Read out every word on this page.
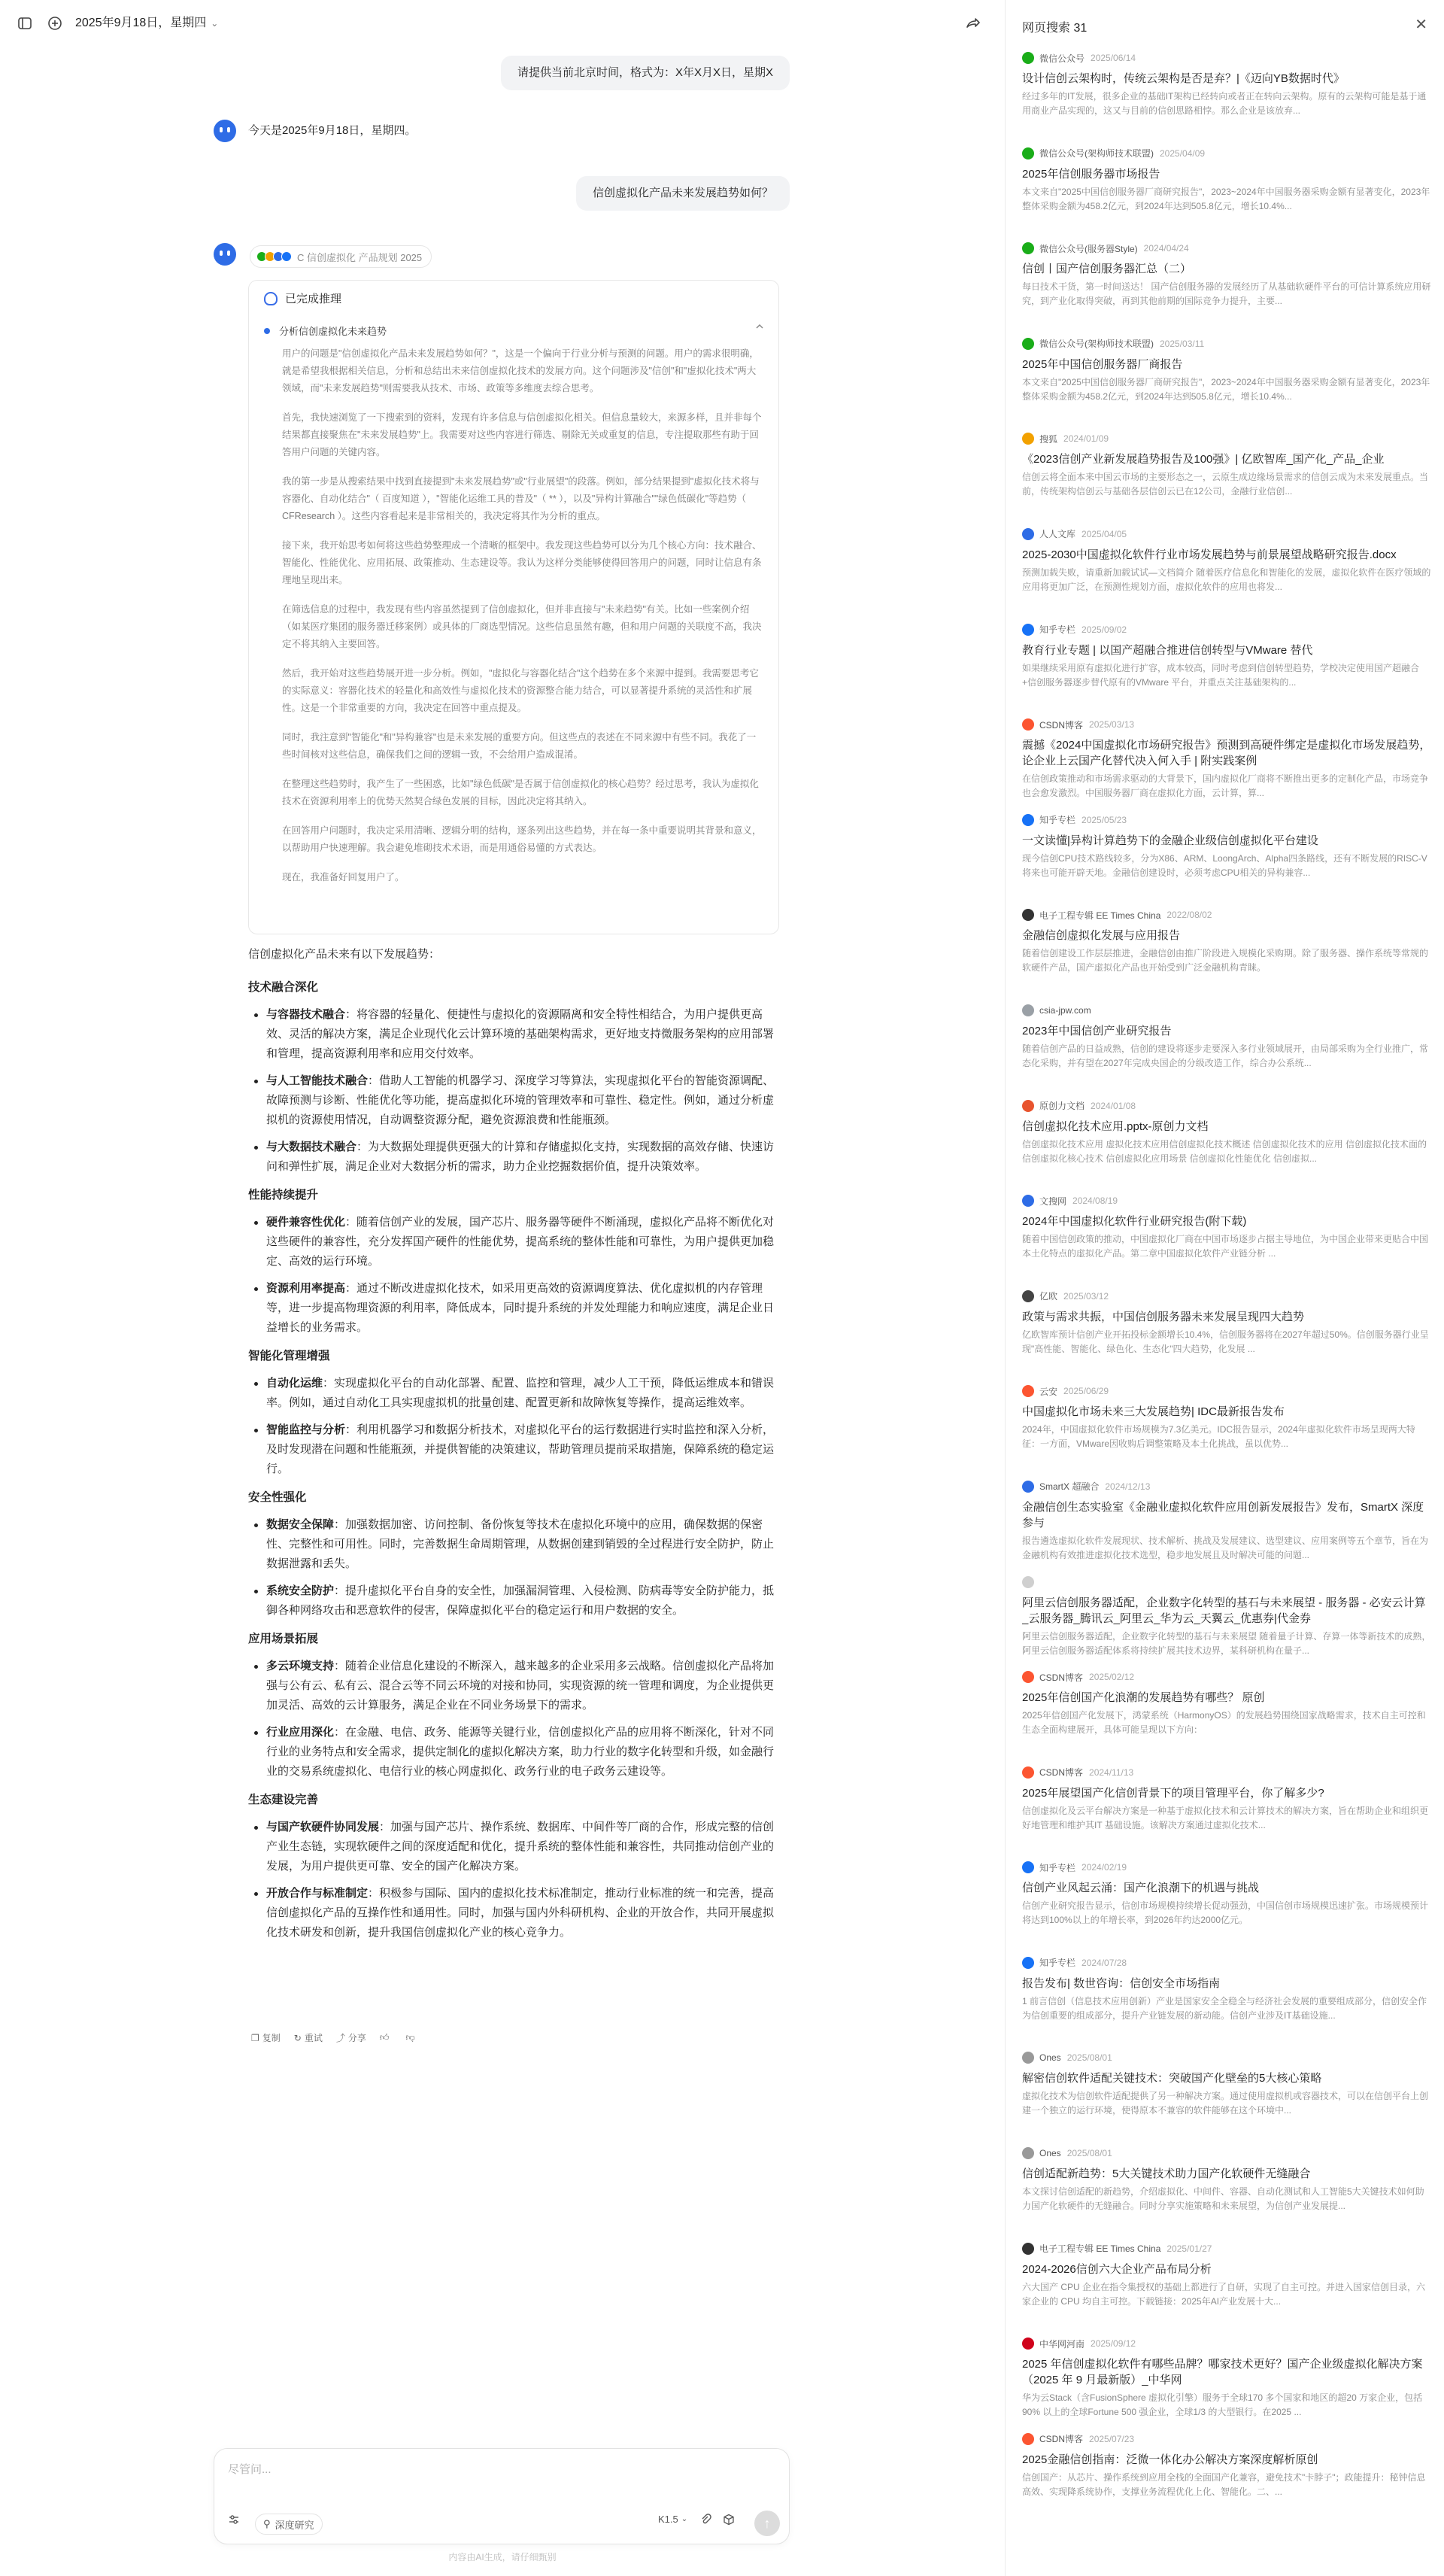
2025年9月18日，星期四 ⌄
请提供当前北京时间，格式为：X年X月X日，星期X
今天是2025年9月18日，星期四。
信创虚拟化产品未来发展趋势如何？
C 信创虚拟化 产品规划 2025
已完成推理
分析信创虚拟化未来趋势

用户的问题是"信创虚拟化产品未来发展趋势如何？"，这是一个偏向于行业分析与预测的问题。用户的需求很明确，就是希望我根据相关信息，分析和总结出未来信创虚拟化技术的发展方向。这个问题涉及"信创"和"虚拟化技术"两大领域，而"未来发展趋势"则需要我从技术、市场、政策等多维度去综合思考。

首先，我快速浏览了一下搜索到的资料，发现有许多信息与信创虚拟化相关。但信息量较大，来源多样，且并非每个结果都直接聚焦在"未来发展趋势"上。我需要对这些内容进行筛选、剔除无关或重复的信息，专注提取那些有助于回答用户问题的关键内容。

我的第一步是从搜索结果中找到直接提到"未来发展趋势"或"行业展望"的段落。例如，部分结果提到"虚拟化技术将与容器化、自动化结合"（ 百度知道 ），"智能化运维工具的普及"（ ** ），以及"异构计算融合""绿色低碳化"等趋势（ CFResearch ）。这些内容看起来是非常相关的，我决定将其作为分析的重点。

接下来，我开始思考如何将这些趋势整理成一个清晰的框架中。我发现这些趋势可以分为几个核心方向：技术融合、智能化、性能优化、应用拓展、政策推动、生态建设等。我认为这样分类能够使得回答用户的问题，同时让信息有条理地呈现出来。

在筛选信息的过程中，我发现有些内容虽然提到了信创虚拟化，但并非直接与"未来趋势"有关。比如一些案例介绍（如某医疗集团的服务器迁移案例）或具体的厂商选型情况。这些信息虽然有趣，但和用户问题的关联度不高，我决定不将其纳入主要回答。

然后，我开始对这些趋势展开进一步分析。例如，"虚拟化与容器化结合"这个趋势在多个来源中提到。我需要思考它的实际意义：容器化技术的轻量化和高效性与虚拟化技术的资源整合能力结合，可以显著提升系统的灵活性和扩展性。这是一个非常重要的方向，我决定在回答中重点提及。

同时，我注意到"智能化"和"异构兼容"也是未来发展的重要方向。但这些点的表述在不同来源中有些不同。我花了一些时间核对这些信息，确保我们之间的逻辑一致，不会给用户造成混淆。

在整理这些趋势时，我产生了一些困惑，比如"绿色低碳"是否属于信创虚拟化的核心趋势？经过思考，我认为虚拟化技术在资源利用率上的优势天然契合绿色发展的目标，因此决定将其纳入。

在回答用户问题时，我决定采用清晰、逻辑分明的结构，逐条列出这些趋势，并在每一条中重要说明其背景和意义，以帮助用户快速理解。我会避免堆砌技术术语，而是用通俗易懂的方式表达。

现在，我准备好回复用户了。

信创虚拟化产品未来有以下发展趋势：
技术融合深化
与容器技术融合：将容器的轻量化、便捷性与虚拟化的资源隔离和安全特性相结合，为用户提供更高效、灵活的解决方案，满足企业现代化云计算环境的基础架构需求，更好地支持微服务架构的应用部署和管理，提高资源利用率和应用交付效率。
与人工智能技术融合：借助人工智能的机器学习、深度学习等算法，实现虚拟化平台的智能资源调配、故障预测与诊断、性能优化等功能，提高虚拟化环境的管理效率和可靠性、稳定性。例如，通过分析虚拟机的资源使用情况，自动调整资源分配，避免资源浪费和性能瓶颈。
与大数据技术融合：为大数据处理提供更强大的计算和存储虚拟化支持，实现数据的高效存储、快速访问和弹性扩展，满足企业对大数据分析的需求，助力企业挖掘数据价值，提升决策效率。
性能持续提升
硬件兼容性优化：随着信创产业的发展，国产芯片、服务器等硬件不断涌现，虚拟化产品将不断优化对这些硬件的兼容性，充分发挥国产硬件的性能优势，提高系统的整体性能和可靠性，为用户提供更加稳定、高效的运行环境。
资源利用率提高：通过不断改进虚拟化技术，如采用更高效的资源调度算法、优化虚拟机的内存管理等，进一步提高物理资源的利用率，降低成本，同时提升系统的并发处理能力和响应速度，满足企业日益增长的业务需求。
智能化管理增强
自动化运维：实现虚拟化平台的自动化部署、配置、监控和管理，减少人工干预，降低运维成本和错误率。例如，通过自动化工具实现虚拟机的批量创建、配置更新和故障恢复等操作，提高运维效率。
智能监控与分析：利用机器学习和数据分析技术，对虚拟化平台的运行数据进行实时监控和深入分析，及时发现潜在问题和性能瓶颈，并提供智能的决策建议，帮助管理员提前采取措施，保障系统的稳定运行。
安全性强化
数据安全保障：加强数据加密、访问控制、备份恢复等技术在虚拟化环境中的应用，确保数据的保密性、完整性和可用性。同时，完善数据生命周期管理，从数据创建到销毁的全过程进行安全防护，防止数据泄露和丢失。
系统安全防护：提升虚拟化平台自身的安全性，加强漏洞管理、入侵检测、防病毒等安全防护能力，抵御各种网络攻击和恶意软件的侵害，保障虚拟化平台的稳定运行和用户数据的安全。
应用场景拓展
多云环境支持：随着企业信息化建设的不断深入，越来越多的企业采用多云战略。信创虚拟化产品将加强与公有云、私有云、混合云等不同云环境的对接和协同，实现资源的统一管理和调度，为企业提供更加灵活、高效的云计算服务，满足企业在不同业务场景下的需求。
行业应用深化：在金融、电信、政务、能源等关键行业，信创虚拟化产品的应用将不断深化，针对不同行业的业务特点和安全需求，提供定制化的虚拟化解决方案，助力行业的数字化转型和升级，如金融行业的交易系统虚拟化、电信行业的核心网虚拟化、政务行业的电子政务云建设等。
生态建设完善
与国产软硬件协同发展：加强与国产芯片、操作系统、数据库、中间件等厂商的合作，形成完整的信创产业生态链，实现软硬件之间的深度适配和优化，提升系统的整体性能和兼容性，共同推动信创产业的发展，为用户提供更可靠、安全的国产化解决方案。
开放合作与标准制定：积极参与国际、国内的虚拟化技术标准制定，推动行业标准的统一和完善，提高信创虚拟化产品的互操作性和通用性。同时，加强与国内外科研机构、企业的开放合作，共同开展虚拟化技术研发和创新，提升我国信创虚拟化产业的核心竞争力。
❐ 复制 ↻ 重试 ⤴ 分享 👍︎ 👎︎
尽管问...
⚲ 深度研究	K1.5 ⌄	↑
内容由AI生成，请仔细甄别
网页搜索 31	✕
微信公众号 2025/06/14
设计信创云架构时，传统云架构是否是弃？|《迈向YB数据时代》
经过多年的IT发展，很多企业的基础IT架构已经转向或者正在转向云架构。原有的云架构可能是基于通用商业产品实现的，这又与目前的信创思路相悖。那么企业是该放弃...
微信公众号(架构师技术联盟) 2025/04/09
2025年信创服务器市场报告
本文来自"2025中国信创服务器厂商研究报告"，2023~2024年中国服务器采购金额有显著变化，2023年整体采购金额为458.2亿元，到2024年达到505.8亿元，增长10.4%...
微信公众号(服务器Style) 2024/04/24
信创丨国产信创服务器汇总（二）
每日技术干货，第一时间送达！ 国产信创服务器的发展经历了从基础软硬件平台的可信计算系统应用研究，到产业化取得突破，再到其他前期的国际竞争力提升，主要...
微信公众号(架构师技术联盟) 2025/03/11
2025年中国信创服务器厂商报告
本文来自"2025中国信创服务器厂商研究报告"，2023~2024年中国服务器采购金额有显著变化，2023年整体采购金额为458.2亿元，到2024年达到505.8亿元，增长10.4%...
搜狐 2024/01/09
《2023信创产业新发展趋势报告及100强》| 亿欧智库_国产化_产品_企业
信创云将全面本来中国云市场的主要形态之一，云原生成边缘场景需求的信创云成为未来发展重点。当前，传统架构信创云与基础各层信创云已在12公司，金融行业信创...
人人文库 2025/04/05
2025-2030中国虚拟化软件行业市场发展趋势与前景展望战略研究报告.docx
预测加载失败，请重新加载试试—文档简介 随着医疗信息化和智能化的发展，虚拟化软件在医疗领域的应用将更加广泛，在预测性规划方面，虚拟化软件的应用也将发...
知乎专栏 2025/09/02
教育行业专题 | 以国产超融合推进信创转型与VMware 替代
如果继续采用原有虚拟化进行扩容，成本较高，同时考虑到信创转型趋势，学校决定使用国产超融合+信创服务器逐步替代原有的VMware 平台，并重点关注基础架构的...
CSDN博客 2025/03/13
震撼《2024中国虚拟化市场研究报告》预测到高硬件绑定是虚拟化市场发展趋势，论企业上云国产化替代决入何入手 | 附实践案例
在信创政策推动和市场需求驱动的大背景下，国内虚拟化厂商将不断推出更多的定制化产品，市场竞争也会愈发激烈。中国服务器厂商在虚拟化方面，云计算，算...
知乎专栏 2025/05/23
一文读懂|异构计算趋势下的金融企业级信创虚拟化平台建设
现今信创CPU技术路线较多，分为X86、ARM、LoongArch、Alpha四条路线，还有不断发展的RISC-V将来也可能开辟天地。金融信创建设时，必须考虑CPU相关的异构兼容...
电子工程专辑 EE Times China 2022/08/02
金融信创虚拟化发展与应用报告
随着信创建设工作层层推进，金融信创由推广阶段进入规模化采购期。除了服务器、操作系统等常规的软硬件产品，国产虚拟化产品也开始受到广泛金融机构青睐。
csia-jpw.com
2023年中国信创产业研究报告
随着信创产品的日益成熟，信创的建设将逐步走要深入多行业领域展开，由局部采购为全行业推广，常态化采购，并有望在2027年完成央国企的分级改造工作，综合办公系统...
原创力文档 2024/01/08
信创虚拟化技术应用.pptx-原创力文档
信创虚拟化技术应用 虚拟化技术应用信创虚拟化技术概述 信创虚拟化技术的应用 信创虚拟化技术面的 信创虚拟化核心技术 信创虚拟化应用场景 信创虚拟化性能优化 信创虚拟...
文搜网 2024/08/19
2024年中国虚拟化软件行业研究报告(附下载)
随着中国信创政策的推动，中国虚拟化厂商在中国市场逐步占据主导地位，为中国企业带来更贴合中国本土化特点的虚拟化产品。第二章中国虚拟化软件产业链分析 ...
亿欧 2025/03/12
政策与需求共振，中国信创服务器未来发展呈现四大趋势
亿欧智库预计信创产业开拓投标金额增长10.4%，信创服务器将在2027年超过50%。信创服务器行业呈现"高性能、智能化、绿色化、生态化"四大趋势，化发展 ...
云安 2025/06/29
中国虚拟化市场未来三大发展趋势| IDC最新报告发布
2024年，中国虚拟化软件市场规模为7.3亿美元。IDC报告显示，2024年虚拟化软件市场呈现两大特征：一方面，VMware因收购后调整策略及本土化挑战，虽以优势...
SmartX 超融合 2024/12/13
金融信创生态实验室《金融业虚拟化软件应用创新发展报告》发布，SmartX 深度参与
报告遴选虚拟化软件发展现状、技术解析、挑战及发展建议、选型建议、应用案例等五个章节，旨在为金融机构有效推进虚拟化技术选型，稳步地发展且及时解决可能的问题...
阿里云信创服务器适配，企业数字化转型的基石与未来展望 - 服务器 - 必安云计算_云服务器_腾讯云_阿里云_华为云_天翼云_优惠券|代金券
阿里云信创服务器适配，企业数字化转型的基石与未来展望 随着量子计算、存算一体等新技术的成熟，阿里云信创服务器适配体系将持续扩展其技术边界，某科研机构在量子...
CSDN博客 2025/02/12
2025年信创国产化浪潮的发展趋势有哪些？ 原创
2025年信创国产化发展下，鸿蒙系统（HarmonyOS）的发展趋势围绕国家战略需求，技术自主可控和生态全面构建展开，具体可能呈现以下方向：
CSDN博客 2024/11/13
2025年展望国产化信创背景下的项目管理平台，你了解多少?
信创虚拟化及云平台解决方案是一种基于虚拟化技术和云计算技术的解决方案，旨在帮助企业和组织更好地管理和维护其IT 基础设施。该解决方案通过虚拟化技术...
知乎专栏 2024/02/19
信创产业风起云涌：国产化浪潮下的机遇与挑战
信创产业研究报告显示，信创市场规模持续增长促动强劲，中国信创市场规模迅速扩张。市场规模预计将达到100%以上的年增长率，到2026年约达2000亿元。
知乎专栏 2024/07/28
报告发布| 数世咨询：信创安全市场指南
1 前言信创（信息技术应用创新）产业是国家安全全稳全与经济社会发展的重要组成部分，信创安全作为信创重要的组成部分，提升产业链发展的新动能。信创产业涉及IT基础设施...
Ones 2025/08/01
解密信创软件适配关键技术：突破国产化壁垒的5大核心策略
虚拟化技术为信创软件适配提供了另一种解决方案。通过使用虚拟机或容器技术，可以在信创平台上创建一个独立的运行环境，使得原本不兼容的软件能够在这个环境中...
Ones 2025/08/01
信创适配新趋势：5大关键技术助力国产化软硬件无缝融合
本文探讨信创适配的新趋势，介绍虚拟化、中间件、容器、自动化测试和人工智能5大关键技术如何助力国产化软硬件的无缝融合。同时分享实施策略和未来展望，为信创产业发展提...
电子工程专辑 EE Times China 2025/01/27
2024-2026信创六大企业产品布局分析
六大国产 CPU 企业在指令集授权的基础上都进行了自研，实现了自主可控。并进入国家信创目录，六家企业的 CPU 均自主可控。下载链接：2025年AI产业发展十大...
中华网河南 2025/09/12
2025 年信创虚拟化软件有哪些品牌？哪家技术更好？国产企业级虚拟化解决方案（2025 年 9 月最新版）_中华网
华为云Stack（含FusionSphere 虚拟化引擎）服务于全球170 多个国家和地区的超20 万家企业，包括90% 以上的全球Fortune 500 强企业，全球1/3 的大型银行。在2025 ...
CSDN博客 2025/07/23
2025金融信创指南：泛微一体化办公解决方案深度解析原创
信创国产：从芯片、操作系统到应用全栈的全面国产化兼容，避免技术"卡脖子"；政能提升：秘钟信息高效、实现降系统协作，支撑业务流程优化上化、智能化。二、...
